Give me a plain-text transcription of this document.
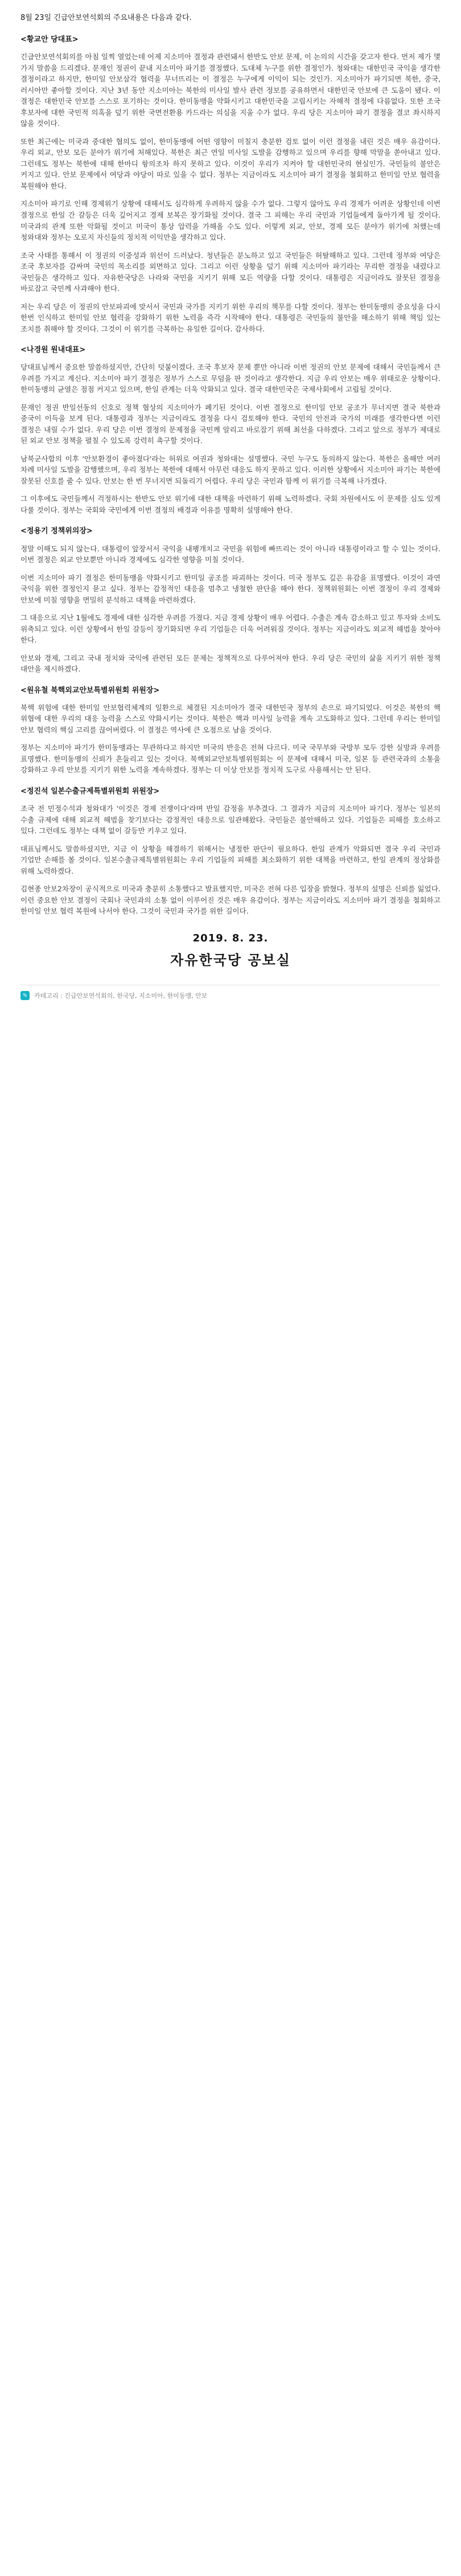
8월 23일 긴급안보연석회의 주요내용은 다음과 같다.

<황교안 당대표>

긴급안보연석회의를 아침 일찍 열었는데 어제 지소미아 결정과 관련돼서 한반도 안보 문제, 이 논의의 시간을 갖고자 한다. 먼저 제가 몇 가지 말씀을 드리겠다. 문재인 정권이 끝내 지소미아 파기를 결정했다. 도대체 누구를 위한 결정인가. 청와대는 대한민국 국익을 생각한 결정이라고 하지만, 한미일 안보삼각 협력을 무너뜨리는 이 결정은 누구에게 이익이 되는 것인가. 지소미아가 파기되면 북한, 중국, 러시아만 좋아할 것이다. 지난 3년 동안 지소미아는 북한의 미사일 발사 관련 정보를 공유하면서 대한민국 안보에 큰 도움이 됐다. 이 결정은 대한민국 안보를 스스로 포기하는 것이다. 한미동맹을 약화시키고 대한민국을 고립시키는 자해적 결정에 다름없다. 또한 조국 후보자에 대한 국민적 의혹을 덮기 위한 국면전환용 카드라는 의심을 지울 수가 없다. 우리 당은 지소미아 파기 결정을 결코 좌시하지 않을 것이다.

또한 최근에는 미국과 중대한 협의도 없이, 한미동맹에 어떤 영향이 미칠지 충분한 검토 없이 이런 결정을 내린 것은 매우 유감이다. 우리 외교, 안보 모든 분야가 위기에 처해있다. 북한은 최근 연일 미사일 도발을 감행하고 있으며 우리를 향해 막말을 쏟아내고 있다. 그런데도 정부는 북한에 대해 한마디 항의조차 하지 못하고 있다. 이것이 우리가 지켜야 할 대한민국의 현실인가. 국민들의 불안은 커지고 있다. 안보 문제에서 여당과 야당이 따로 있을 수 없다. 정부는 지금이라도 지소미아 파기 결정을 철회하고 한미일 안보 협력을 복원해야 한다.

지소미아 파기로 인해 경제위기 상황에 대해서도 심각하게 우려하지 않을 수가 없다. 그렇지 않아도 우리 경제가 어려운 상황인데 이번 결정으로 한일 간 갈등은 더욱 깊어지고 경제 보복은 장기화될 것이다. 결국 그 피해는 우리 국민과 기업들에게 돌아가게 될 것이다. 미국과의 관계 또한 악화될 것이고 미국이 통상 압력을 가해올 수도 있다. 이렇게 외교, 안보, 경제 모든 분야가 위기에 처했는데 청와대와 정부는 오로지 자신들의 정치적 이익만을 생각하고 있다.

조국 사태를 통해서 이 정권의 이중성과 위선이 드러났다. 청년들은 분노하고 있고 국민들은 허탈해하고 있다. 그런데 정부와 여당은 조국 후보자를 감싸며 국민의 목소리를 외면하고 있다. 그리고 이런 상황을 덮기 위해 지소미아 파기라는 무리한 결정을 내렸다고 국민들은 생각하고 있다. 자유한국당은 나라와 국민을 지키기 위해 모든 역량을 다할 것이다. 대통령은 지금이라도 잘못된 결정을 바로잡고 국민께 사과해야 한다.

저는 우리 당은 이 정권의 안보파괴에 맞서서 국민과 국가를 지키기 위한 우리의 책무를 다할 것이다. 정부는 한미동맹의 중요성을 다시 한번 인식하고 한미일 안보 협력을 강화하기 위한 노력을 즉각 시작해야 한다. 대통령은 국민들의 불안을 해소하기 위해 책임 있는 조치를 취해야 할 것이다. 그것이 이 위기를 극복하는 유일한 길이다. 감사하다.

<나경원 원내대표>

당대표님께서 중요한 말씀하셨지만, 간단히 덧붙이겠다. 조국 후보자 문제 뿐만 아니라 이번 정권의 안보 문제에 대해서 국민들께서 큰 우려를 가지고 계신다. 지소미아 파기 결정은 정부가 스스로 무덤을 판 것이라고 생각한다. 지금 우리 안보는 매우 위태로운 상황이다. 한미동맹의 균열은 점점 커지고 있으며, 한일 관계는 더욱 악화되고 있다. 결국 대한민국은 국제사회에서 고립될 것이다.

문재인 정권 반일선동의 신호로 정책 협상의 지소미아가 폐기된 것이다. 이번 결정으로 한미일 안보 공조가 무너지면 결국 북한과 중국이 이득을 보게 된다. 대통령과 정부는 지금이라도 결정을 다시 검토해야 한다. 국민의 안전과 국가의 미래를 생각한다면 이런 결정은 내릴 수가 없다. 우리 당은 이번 결정의 문제점을 국민께 알리고 바로잡기 위해 최선을 다하겠다. 그리고 앞으로 정부가 제대로 된 외교 안보 정책을 펼칠 수 있도록 강력히 촉구할 것이다.

남북군사합의 이후 '안보환경이 좋아졌다'라는 허위로 여권과 청와대는 설명했다. 국민 누구도 동의하지 않는다. 북한은 올해만 여러 차례 미사일 도발을 감행했으며, 우리 정부는 북한에 대해서 아무런 대응도 하지 못하고 있다. 이러한 상황에서 지소미아 파기는 북한에 잘못된 신호를 줄 수 있다. 안보는 한 번 무너지면 되돌리기 어렵다. 우리 당은 국민과 함께 이 위기를 극복해 나가겠다.

그 이후에도 국민들께서 걱정하시는 한반도 안보 위기에 대한 대책을 마련하기 위해 노력하겠다. 국회 차원에서도 이 문제를 심도 있게 다룰 것이다. 정부는 국회와 국민에게 이번 결정의 배경과 이유를 명확히 설명해야 한다.

<정용기 정책위의장>

정말 이해도 되지 않는다. 대통령이 앞장서서 국익을 내팽개치고 국민을 위험에 빠뜨리는 것이 아니라 대통령이라고 할 수 있는 것이다. 이번 결정은 외교 안보뿐만 아니라 경제에도 심각한 영향을 미칠 것이다.

이번 지소미아 파기 결정은 한미동맹을 약화시키고 한미일 공조를 파괴하는 것이다. 미국 정부도 깊은 유감을 표명했다. 이것이 과연 국익을 위한 결정인지 묻고 싶다. 정부는 감정적인 대응을 멈추고 냉철한 판단을 해야 한다. 정책위원회는 이번 결정이 우리 경제와 안보에 미칠 영향을 면밀히 분석하고 대책을 마련하겠다.

그 대응으로 지난 1월에도 경제에 대한 심각한 우려를 가졌다. 지금 경제 상황이 매우 어렵다. 수출은 계속 감소하고 있고 투자와 소비도 위축되고 있다. 이런 상황에서 한일 갈등이 장기화되면 우리 기업들은 더욱 어려워질 것이다. 정부는 지금이라도 외교적 해법을 찾아야 한다.

안보와 경제, 그리고 국내 정치와 국익에 관련된 모든 문제는 정책적으로 다루어져야 한다. 우리 당은 국민의 삶을 지키기 위한 정책 대안을 제시하겠다.

<원유철 북핵외교안보특별위원회 위원장>

북핵 위험에 대한 한미일 안보협력체계의 일환으로 체결된 지소미아가 결국 대한민국 정부의 손으로 파기되었다. 이것은 북한의 핵 위협에 대한 우리의 대응 능력을 스스로 약화시키는 것이다. 북한은 핵과 미사일 능력을 계속 고도화하고 있다. 그런데 우리는 한미일 안보 협력의 핵심 고리를 끊어버렸다. 이 결정은 역사에 큰 오점으로 남을 것이다.

정부는 지소미아 파기가 한미동맹과는 무관하다고 하지만 미국의 반응은 전혀 다르다. 미국 국무부와 국방부 모두 강한 실망과 우려를 표명했다. 한미동맹의 신뢰가 흔들리고 있는 것이다. 북핵외교안보특별위원회는 이 문제에 대해서 미국, 일본 등 관련국과의 소통을 강화하고 우리 안보를 지키기 위한 노력을 계속하겠다. 정부는 더 이상 안보를 정치적 도구로 사용해서는 안 된다.

<정진석 일본수출규제특별위원회 위원장>

조국 전 민정수석과 청와대가 '이것은 경제 전쟁이다'라며 반일 감정을 부추겼다. 그 결과가 지금의 지소미아 파기다. 정부는 일본의 수출 규제에 대해 외교적 해법을 찾기보다는 감정적인 대응으로 일관해왔다. 국민들은 불안해하고 있다. 기업들은 피해를 호소하고 있다. 그런데도 정부는 대책 없이 갈등만 키우고 있다.

대표님께서도 말씀하셨지만, 지금 이 상황을 해결하기 위해서는 냉정한 판단이 필요하다. 한일 관계가 악화되면 결국 우리 국민과 기업만 손해를 볼 것이다. 일본수출규제특별위원회는 우리 기업들의 피해를 최소화하기 위한 대책을 마련하고, 한일 관계의 정상화를 위해 노력하겠다.

김현종 안보2차장이 공식적으로 미국과 충분히 소통했다고 발표했지만, 미국은 전혀 다른 입장을 밝혔다. 정부의 설명은 신뢰를 잃었다. 이런 중요한 안보 결정이 국회나 국민과의 소통 없이 이루어진 것은 매우 유감이다. 정부는 지금이라도 지소미아 파기 결정을 철회하고 한미일 안보 협력 복원에 나서야 한다. 그것이 국민과 국가를 위한 길이다.

2019. 8. 23.
자유한국당 공보실
✎	카테고리 : 긴급안보연석회의 , 한국당 , 지소미아 , 한미동맹 , 안보
